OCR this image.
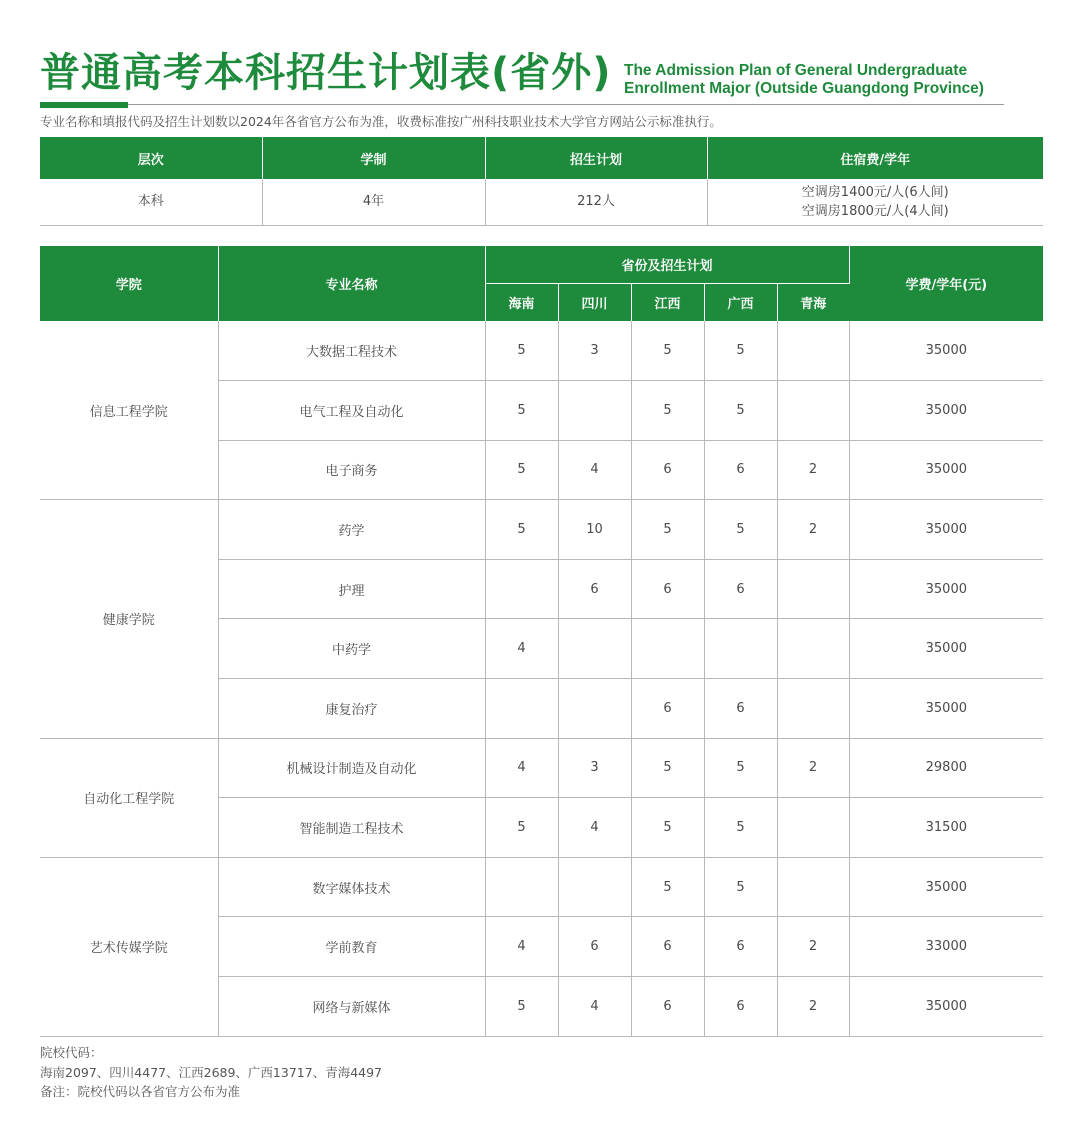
普通高考本科招生计划表(省外) The Admission Plan of General Undergraduate
Enrollment Major (Outside Guangdong Province)
专业名称和填报代码及招生计划数以2024年各省官方公布为准，收费标准按广州科技职业技术大学官方网站公示标准执行。
层次	学制	招生计划	住宿费/学年
本科	4年	212人	空调房1400元/人(6人间)
空调房1800元/人(4人间)
学院	专业名称	省份及招生计划					学费/学年(元)
		海南	四川	江西	广西	青海	
信息工程学院	大数据工程技术	5	3	5	5		35000
	电气工程及自动化	5		5	5		35000
	电子商务	5	4	6	6	2	35000
健康学院	药学	5	10	5	5	2	35000
	护理		6	6	6		35000
	中药学	4					35000
	康复治疗			6	6		35000
自动化工程学院	机械设计制造及自动化	4	3	5	5	2	29800
	智能制造工程技术	5	4	5	5		31500
艺术传媒学院	数字媒体技术			5	5		35000
	学前教育	4	6	6	6	2	33000
	网络与新媒体	5	4	6	6	2	35000
院校代码：
海南2097、四川4477、江西2689、广西13717、青海4497
备注：院校代码以各省官方公布为准
